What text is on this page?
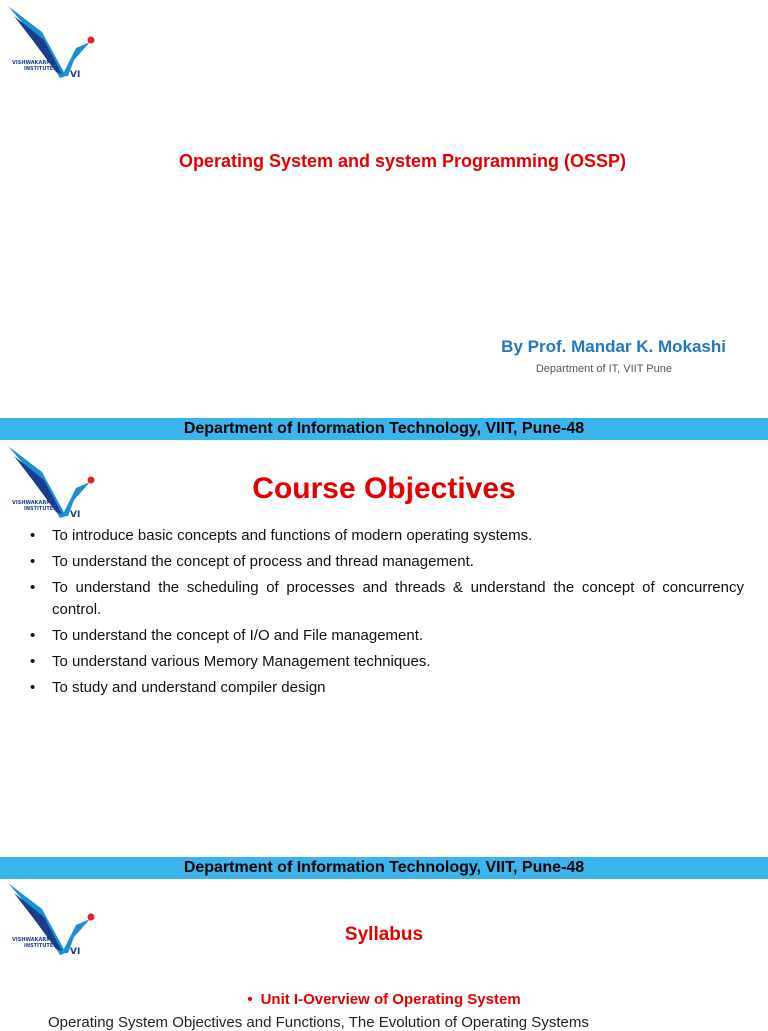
VISHWAKARMA
INSTITUTES
VI
Operating System and system Programming (OSSP)
By Prof. Mandar K. Mokashi
Department of IT, VIIT Pune
Department of Information Technology, VIIT, Pune-48
VISHWAKARMA
INSTITUTES
VI
Course Objectives
• To introduce basic concepts and functions of modern operating systems.
• To understand the concept of process and thread management.
• To understand the scheduling of processes and threads & understand the concept of concurrency control.
• To understand the concept of I/O and File management.
• To understand various Memory Management techniques.
• To study and understand compiler design
Department of Information Technology, VIIT, Pune-48
VISHWAKARMA
INSTITUTES
VI
Syllabus
• Unit I-Overview of Operating System
Operating System Objectives and Functions, The Evolution of Operating Systems
